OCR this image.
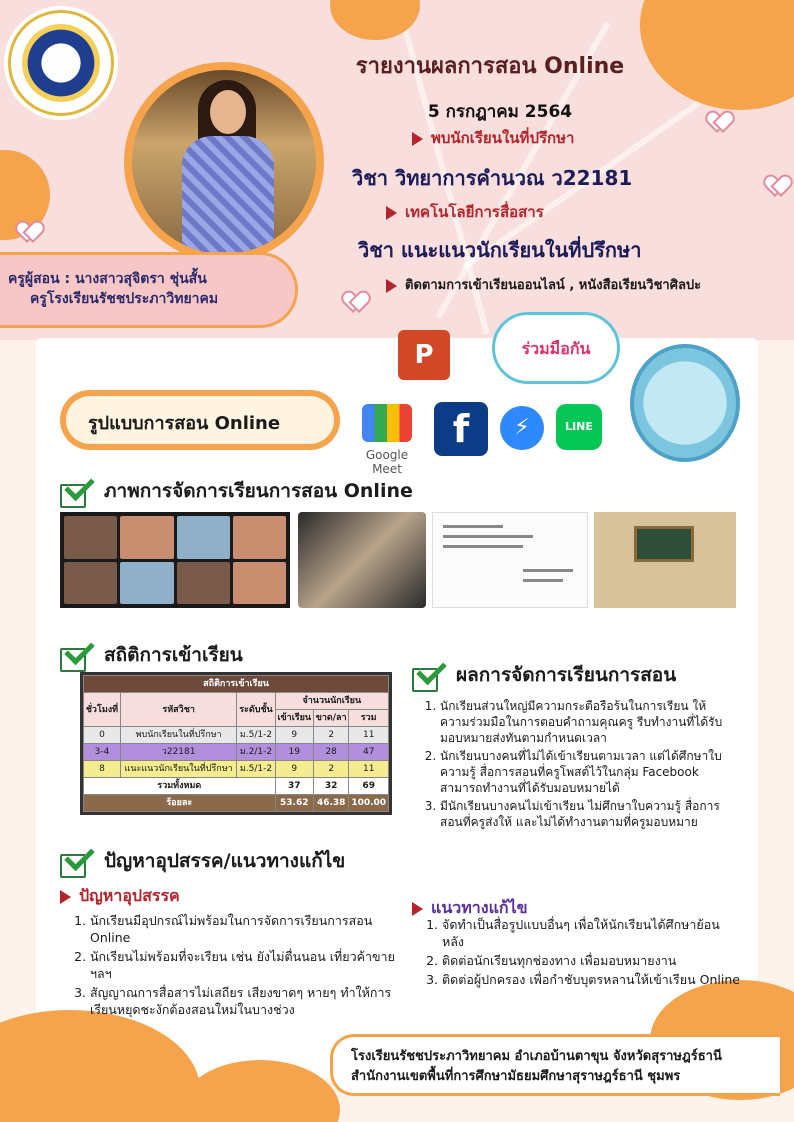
ครูผู้สอน : นางสาวสุจิตรา ชุ่นสั้น
ครูโรงเรียนรัชชประภาวิทยาคม
รายงานผลการสอน Online
5 กรกฎาคม 2564
พบนักเรียนในที่ปรึกษา
วิชา วิทยาการคำนวณ ว22181
เทคโนโลยีการสื่อสาร
วิชา แนะแนวนักเรียนในที่ปรึกษา
ติดตามการเข้าเรียนออนไลน์ , หนังสือเรียนวิชาศิลปะ
P	ร่วมมือกัน
Google Meet
f	⚡	LINE
รูปแบบการสอน Online
ภาพการจัดการเรียนการสอน Online
สถิติการเข้าเรียน
สถิติการเข้าเรียน					
ชั่วโมงที่	รหัสวิชา	ระดับชั้น	จำนวนนักเรียน		
			เข้าเรียน	ขาด/ลา	รวม
0	พบนักเรียนในที่ปรึกษา	ม.5/1-2	9	2	11
3-4	ว22181	ม.2/1-2	19	28	47
8	แนะแนวนักเรียนในที่ปรึกษา	ม.5/1-2	9	2	11
รวมทั้งหมด			37	32	69
ร้อยละ			53.62	46.38	100.00
ผลการจัดการเรียนการสอน
1. นักเรียนส่วนใหญ่มีความกระตือรือร้นในการเรียน ให้ความร่วมมือในการตอบคำถามคุณครู รีบทำงานที่ได้รับมอบหมายส่งทันตามกำหนดเวลา
2. นักเรียนบางคนที่ไม่ได้เข้าเรียนตามเวลา แต่ได้ศึกษาใบความรู้ สื่อการสอนที่ครูโพสต์ไว้ในกลุ่ม Facebook สามารถทำงานที่ได้รับมอบหมายได้
3. มีนักเรียนบางคนไม่เข้าเรียน ไม่ศึกษาใบความรู้ สื่อการสอนที่ครูส่งให้ และไม่ได้ทำงานตามที่ครูมอบหมาย
ปัญหาอุปสรรค/แนวทางแก้ไข
ปัญหาอุปสรรค
1. นักเรียนมีอุปกรณ์ไม่พร้อมในการจัดการเรียนการสอน Online
2. นักเรียนไม่พร้อมที่จะเรียน เช่น ยังไม่ตื่นนอน เที่ยวค้าขาย ฯลฯ
3. สัญญาณการสื่อสารไม่เสถียร เสียงขาดๆ หายๆ ทำให้การเรียนหยุดชะงักต้องสอนใหม่ในบางช่วง
แนวทางแก้ไข
1. จัดทำเป็นสื่อรูปแบบอื่นๆ เพื่อให้นักเรียนได้ศึกษาย้อนหลัง
2. ติดต่อนักเรียนทุกช่องทาง เพื่อมอบหมายงาน
3. ติดต่อผู้ปกครอง เพื่อกำชับบุตรหลานให้เข้าเรียน Online
โรงเรียนรัชชประภาวิทยาคม อำเภอบ้านตาขุน จังหวัดสุราษฎร์ธานี
สำนักงานเขตพื้นที่การศึกษามัธยมศึกษาสุราษฎร์ธานี ชุมพร
